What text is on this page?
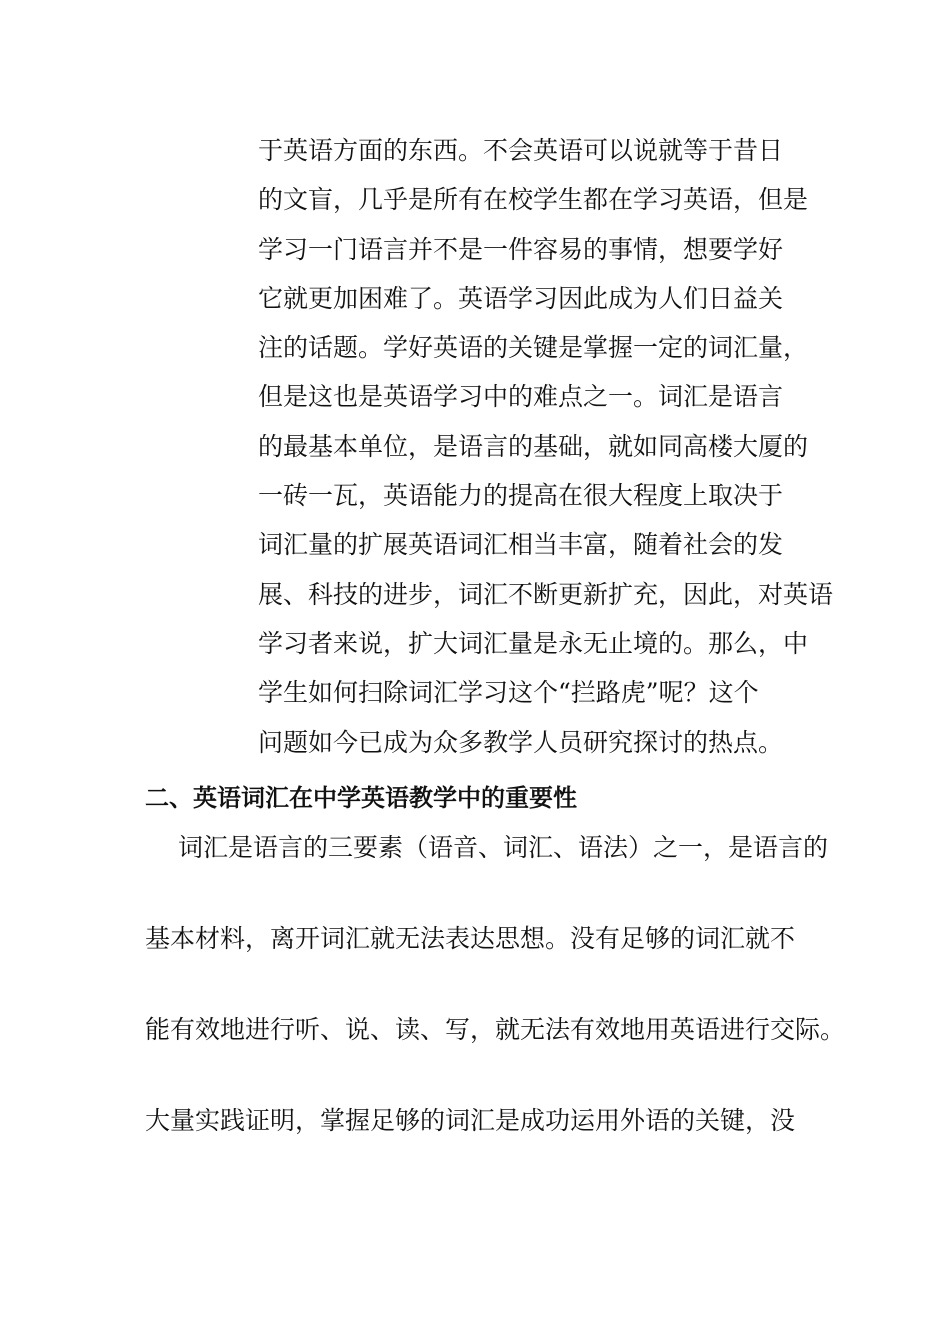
于英语方面的东西。不会英语可以说就等于昔日
的文盲，几乎是所有在校学生都在学习英语，但是
学习一门语言并不是一件容易的事情，想要学好
它就更加困难了。英语学习因此成为人们日益关
注的话题。学好英语的关键是掌握一定的词汇量，
但是这也是英语学习中的难点之一。词汇是语言
的最基本单位，是语言的基础，就如同高楼大厦的
一砖一瓦，英语能力的提高在很大程度上取决于
词汇量的扩展英语词汇相当丰富，随着社会的发
展、科技的进步，词汇不断更新扩充，因此，对英语
学习者来说，扩大词汇量是永无止境的。那么，中
学生如何扫除词汇学习这个“拦路虎”呢？这个
问题如今已成为众多教学人员研究探讨的热点。
二、英语词汇在中学英语教学中的重要性
词汇是语言的三要素（语音、词汇、语法）之一，是语言的
基本材料，离开词汇就无法表达思想。没有足够的词汇就不
能有效地进行听、说、读、写，就无法有效地用英语进行交际。
大量实践证明，掌握足够的词汇是成功运用外语的关键，没
